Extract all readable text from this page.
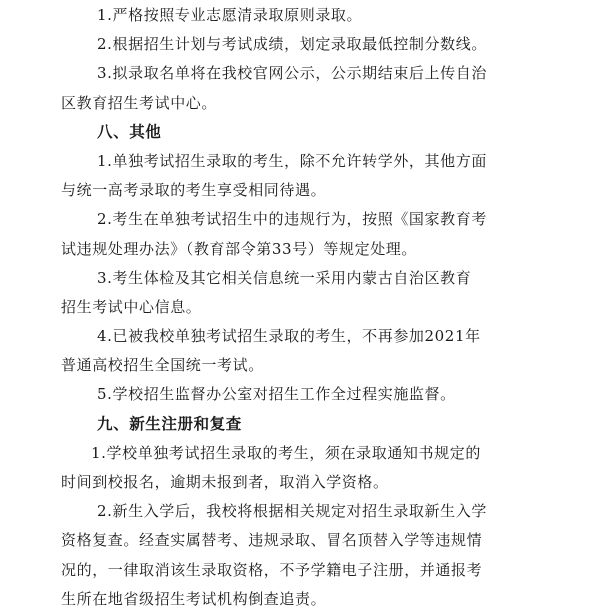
1.严格按照专业志愿清录取原则录取。
2.根据招生计划与考试成绩，划定录取最低控制分数线。
3.拟录取名单将在我校官网公示，公示期结束后上传自治
区教育招生考试中心。
八、其他
1.单独考试招生录取的考生，除不允许转学外，其他方面
与统一高考录取的考生享受相同待遇。
2.考生在单独考试招生中的违规行为，按照《国家教育考
试违规处理办法》（教育部令第33号）等规定处理。
3.考生体检及其它相关信息统一采用内蒙古自治区教育
招生考试中心信息。
4.已被我校单独考试招生录取的考生，不再参加2021年
普通高校招生全国统一考试。
5.学校招生监督办公室对招生工作全过程实施监督。
九、新生注册和复查
1.学校单独考试招生录取的考生，须在录取通知书规定的
时间到校报名，逾期未报到者，取消入学资格。
2.新生入学后，我校将根据相关规定对招生录取新生入学
资格复查。经查实属替考、违规录取、冒名顶替入学等违规情
况的，一律取消该生录取资格，不予学籍电子注册，并通报考
生所在地省级招生考试机构倒查追责。
